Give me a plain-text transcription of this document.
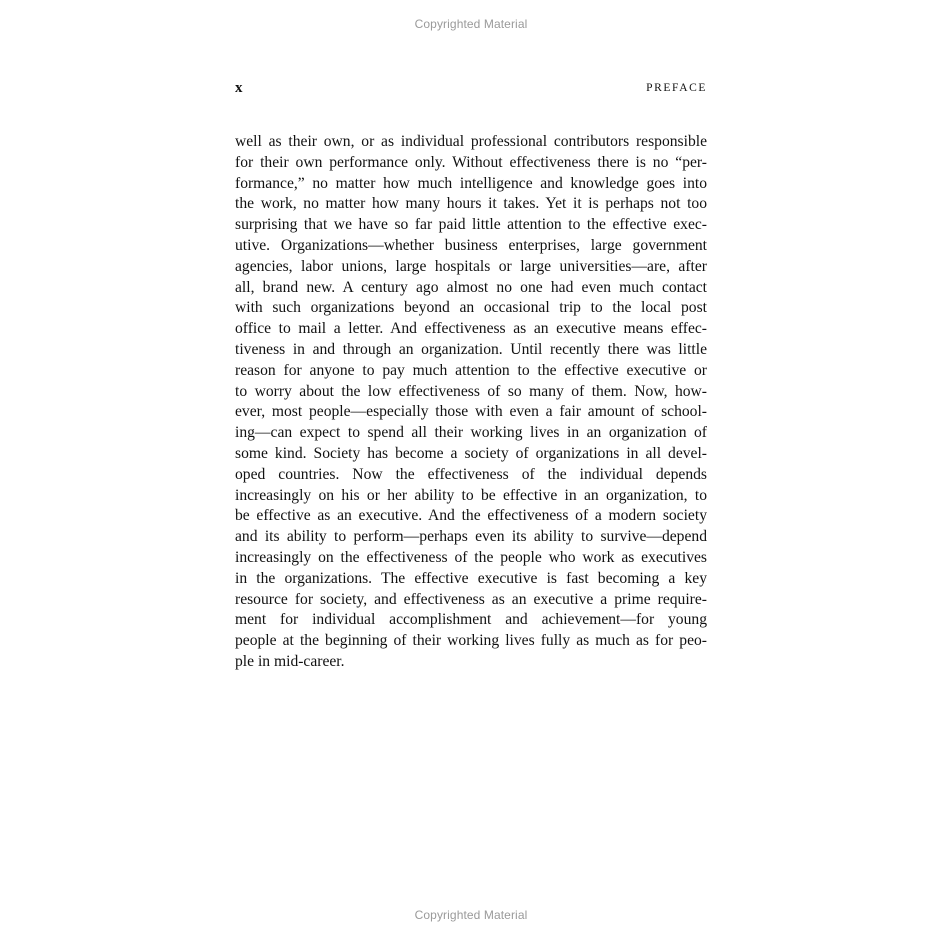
Copyrighted Material
x	PREFACE
well as their own, or as individual professional contributors responsible
for their own performance only. Without effectiveness there is no “per-
formance,” no matter how much intelligence and knowledge goes into
the work, no matter how many hours it takes. Yet it is perhaps not too
surprising that we have so far paid little attention to the effective exec-
utive. Organizations—whether business enterprises, large government
agencies, labor unions, large hospitals or large universities—are, after
all, brand new. A century ago almost no one had even much contact
with such organizations beyond an occasional trip to the local post
office to mail a letter. And effectiveness as an executive means effec-
tiveness in and through an organization. Until recently there was little
reason for anyone to pay much attention to the effective executive or
to worry about the low effectiveness of so many of them. Now, how-
ever, most people—especially those with even a fair amount of school-
ing—can expect to spend all their working lives in an organization of
some kind. Society has become a society of organizations in all devel-
oped countries. Now the effectiveness of the individual depends
increasingly on his or her ability to be effective in an organization, to
be effective as an executive. And the effectiveness of a modern society
and its ability to perform—perhaps even its ability to survive—depend
increasingly on the effectiveness of the people who work as executives
in the organizations. The effective executive is fast becoming a key
resource for society, and effectiveness as an executive a prime require-
ment for individual accomplishment and achievement—for young
people at the beginning of their working lives fully as much as for peo-
ple in mid-career.
Copyrighted Material
